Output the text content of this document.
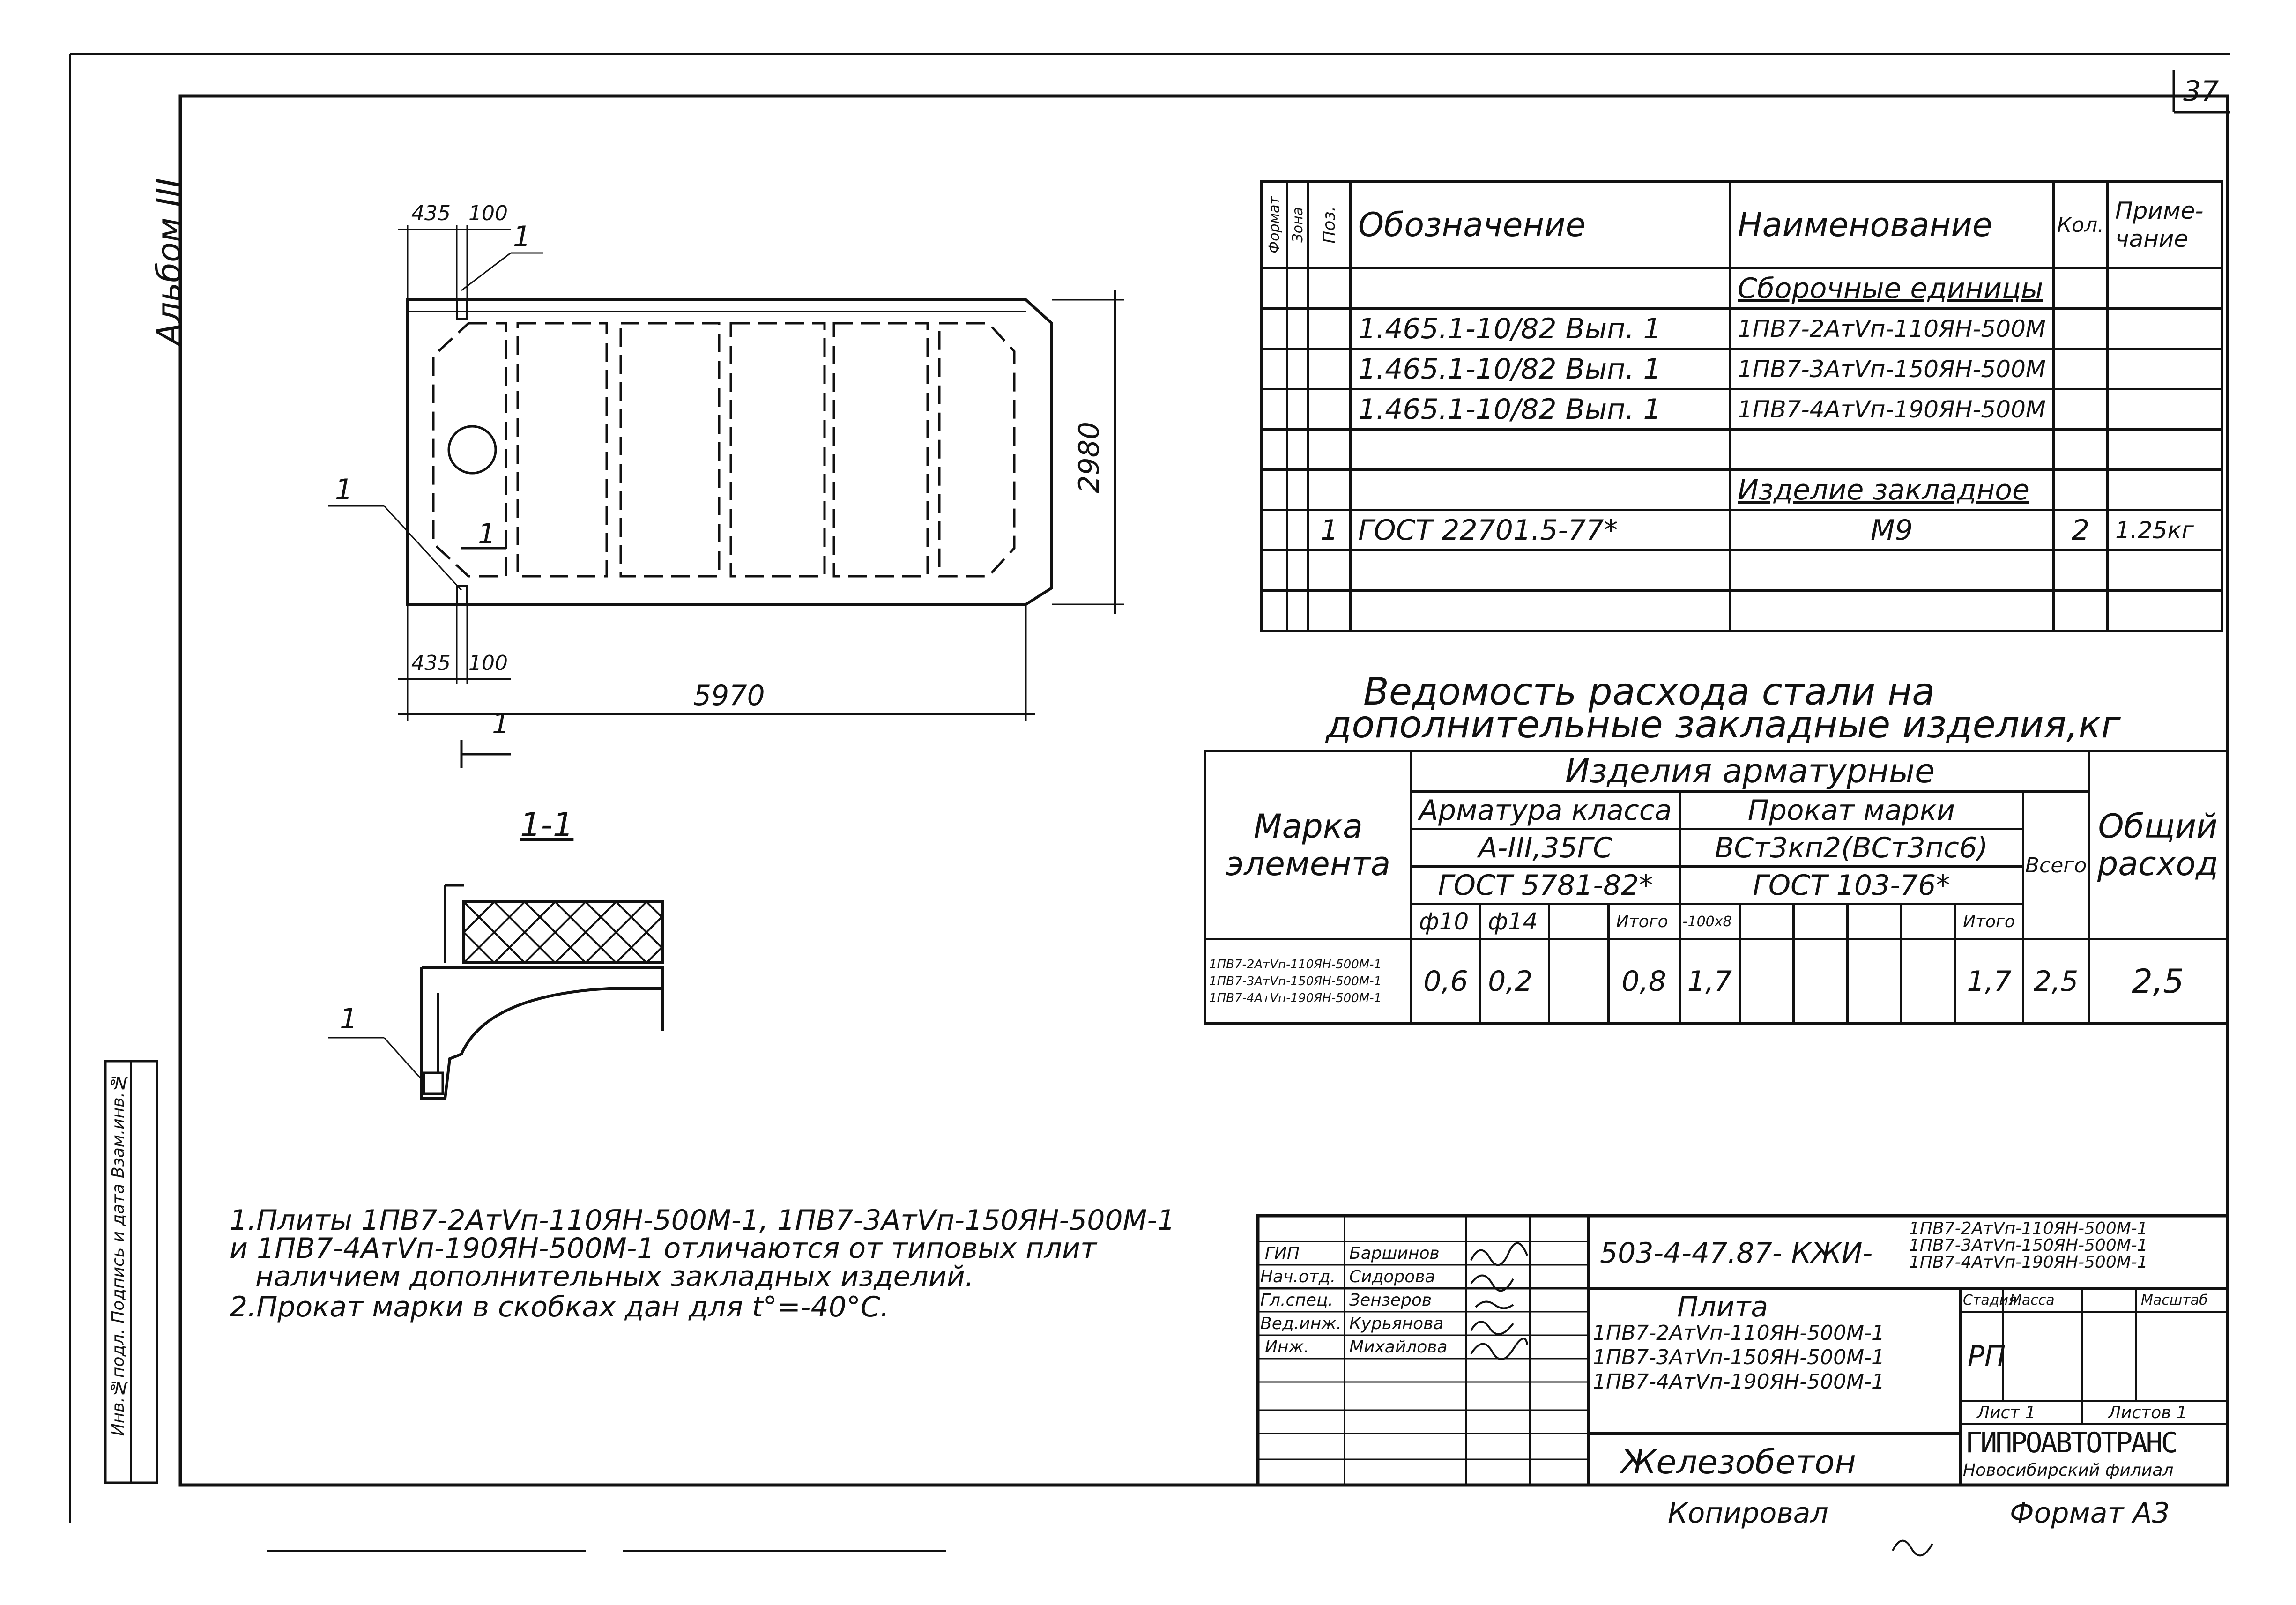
37
Альбом III
Инв.№подл. Подпись и дата Взам.инв.№
435 100
1
435 100
5970
2980
1
1
1
1-1
1
Формат	Зона	Поз.	Обозначение	Наименование	Кол.	Приме-чание
				Сборочные единицы		
			1.465.1-10/82 Вып. 1	1ПВ7-2АтVп-110ЯН-500М		
			1.465.1-10/82 Вып. 1	1ПВ7-3АтVп-150ЯН-500М		
			1.465.1-10/82 Вып. 1	1ПВ7-4АтVп-190ЯН-500М		

				Изделие закладное		
		1	ГОСТ 22701.5-77*	М9	2	1.25кг

Ведомость расхода стали на
дополнительные закладные изделия,кг
Марка элемента	Изделия арматурные											Общий расход
	Арматура класса				Прокат марки						Всего	
	A-III,35ГС				ВСт3кп2(ВСт3пс6)							
	ГОСТ 5781-82*				ГОСТ 103-76*							
	ф10	ф14		Итого	-100х8					Итого		

1ПВ7-2АтVп-110ЯН-500М-1
1ПВ7-3АтVп-150ЯН-500М-1
1ПВ7-4АтVп-190ЯН-500М-1	0,6	0,2		0,8	1,7					1,7	2,5	2,5
1.Плиты 1ПВ7-2АтVп-110ЯН-500М-1, 1ПВ7-3АтVп-150ЯН-500М-1
и 1ПВ7-4АтVп-190ЯН-500М-1 отличаются от типовых плит
наличием дополнительных закладных изделий.
2.Прокат марки в скобках дан для t°=-40°С.
ГИП	Баршинов
Нач.отд. Сидорова
Гл.спец. Зензеров
Вед.инж. Курьянова
Инж. Михайлова
503-4-47.87- КЖИ-
1ПВ7-2АтVп-110ЯН-500М-1
1ПВ7-3АтVп-150ЯН-500М-1
1ПВ7-4АтVп-190ЯН-500М-1
Плита
1ПВ7-2АтVп-110ЯН-500М-1
1ПВ7-3АтVп-150ЯН-500М-1
1ПВ7-4АтVп-190ЯН-500М-1
Стадия
Масса	Масштаб
РП
Лист 1	Листов 1
Железобетон	ГИПРОАВТОТРАНС
Новосибирский филиал
Копировал	Формат А3
